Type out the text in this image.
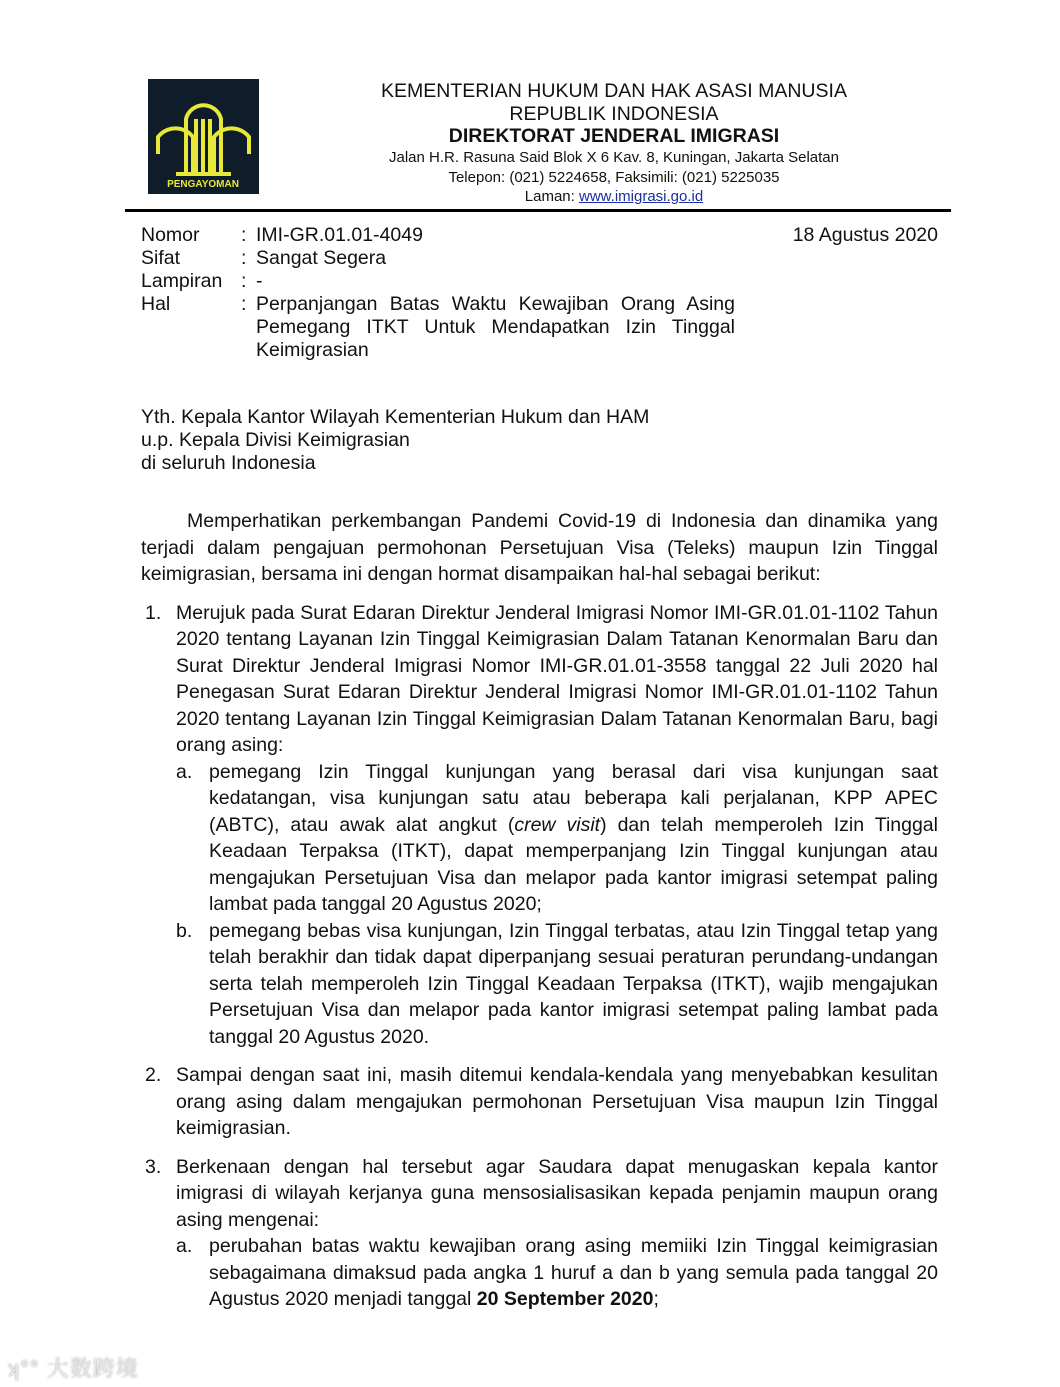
PENGAYOMAN
KEMENTERIAN HUKUM DAN HAK ASASI MANUSIA
REPUBLIK INDONESIA
DIREKTORAT JENDERAL IMIGRASI
Jalan H.R. Rasuna Said Blok X 6 Kav. 8, Kuningan, Jakarta Selatan
Telepon: (021) 5224658, Faksimili: (021) 5225035
Laman: www.imigrasi.go.id
Nomor	: IMI-GR.01.01-4049
Sifat	: Sangat Segera
Lampiran : -
Hal	: Perpanjangan Batas Waktu Kewajiban Orang Asing Pemegang ITKT Untuk Mendapatkan Izin Tinggal Keimigrasian
18 Agustus 2020
Yth. Kepala Kantor Wilayah Kementerian Hukum dan HAM
u.p. Kepala Divisi Keimigrasian
di seluruh Indonesia

Memperhatikan perkembangan Pandemi Covid-19 di Indonesia dan dinamika yang terjadi dalam pengajuan permohonan Persetujuan Visa (Teleks) maupun Izin Tinggal keimigrasian, bersama ini dengan hormat disampaikan hal-hal sebagai berikut:

1. Merujuk pada Surat Edaran Direktur Jenderal Imigrasi Nomor IMI-GR.01.01-1102 Tahun 2020 tentang Layanan Izin Tinggal Keimigrasian Dalam Tatanan Kenormalan Baru dan Surat Direktur Jenderal Imigrasi Nomor IMI-GR.01.01-3558 tanggal 22 Juli 2020 hal Penegasan Surat Edaran Direktur Jenderal Imigrasi Nomor IMI-GR.01.01-1102 Tahun 2020 tentang Layanan Izin Tinggal Keimigrasian Dalam Tatanan Kenormalan Baru, bagi orang asing:
a. pemegang Izin Tinggal kunjungan yang berasal dari visa kunjungan saat kedatangan, visa kunjungan satu atau beberapa kali perjalanan, KPP APEC (ABTC), atau awak alat angkut (crew visit) dan telah memperoleh Izin Tinggal Keadaan Terpaksa (ITKT), dapat memperpanjang Izin Tinggal kunjungan atau mengajukan Persetujuan Visa dan melapor pada kantor imigrasi setempat paling lambat pada tanggal 20 Agustus 2020;
b. pemegang bebas visa kunjungan, Izin Tinggal terbatas, atau Izin Tinggal tetap yang telah berakhir dan tidak dapat diperpanjang sesuai peraturan perundang-undangan serta telah memperoleh Izin Tinggal Keadaan Terpaksa (ITKT), wajib mengajukan Persetujuan Visa dan melapor pada kantor imigrasi setempat paling lambat pada tanggal 20 Agustus 2020.
2. Sampai dengan saat ini, masih ditemui kendala-kendala yang menyebabkan kesulitan orang asing dalam mengajukan permohonan Persetujuan Visa maupun Izin Tinggal keimigrasian.
3. Berkenaan dengan hal tersebut agar Saudara dapat menugaskan kepala kantor imigrasi di wilayah kerjanya guna mensosialisasikan kepada penjamin maupun orang asing mengenai:
a. perubahan batas waktu kewajiban orang asing memiiki Izin Tinggal keimigrasian sebagaimana dimaksud pada angka 1 huruf a dan b yang semula pada tanggal 20 Agustus 2020 menjadi tanggal 20 September 2020;
ʞ°° 大数跨境
